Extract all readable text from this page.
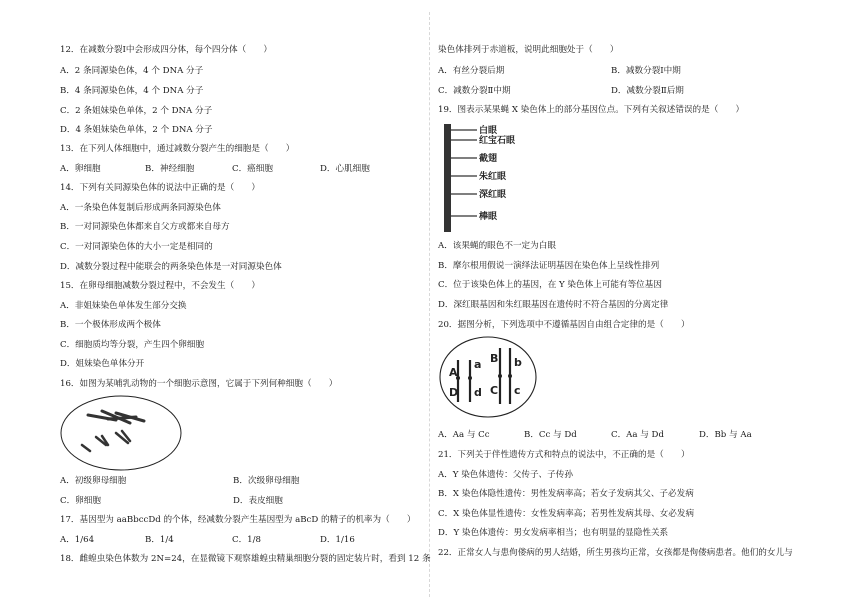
12．在减数分裂Ⅰ中会形成四分体，每个四分体（　　）
A．2 条同源染色体，4 个 DNA 分子
B．4 条同源染色体，4 个 DNA 分子
C．2 条姐妹染色单体，2 个 DNA 分子
D．4 条姐妹染色单体，2 个 DNA 分子
13．在下列人体细胞中，通过减数分裂产生的细胞是（　　）
A．卵细胞	B．神经细胞	C．癌细胞	D．心肌细胞
14．下列有关同源染色体的说法中正确的是（　　）
A．一条染色体复制后形成两条同源染色体
B．一对同源染色体都来自父方或都来自母方
C．一对同源染色体的大小一定是相同的
D．减数分裂过程中能联会的两条染色体是一对同源染色体
15．在卵母细胞减数分裂过程中，不会发生（　　）
A．非姐妹染色单体发生部分交换
B．一个极体形成两个极体
C．细胞质均等分裂，产生四个卵细胞
D．姐妹染色单体分开
16．如图为某哺乳动物的一个细胞示意图，它属于下列何种细胞（　　）
A．初级卵母细胞	B．次级卵母细胞
C．卵细胞	D．表皮细胞
17．基因型为 aaBbccDd 的个体，经减数分裂产生基因型为 aBcD 的精子的机率为（　　）
A．1/64	B．1/4	C．1/8	D．1/16
18．雌蝗虫染色体数为 2N=24，在显微镜下观察雄蝗虫精巢细胞分裂的固定装片时，看到 12 条
染色体排列于赤道板，说明此细胞处于（　　）
A．有丝分裂后期	B．减数分裂Ⅰ中期
C．减数分裂Ⅱ中期	D．减数分裂Ⅱ后期
19．图表示某果蝇 X 染色体上的部分基因位点。下列有关叙述错误的是（　　）
白眼
红宝石眼
截翅
朱红眼
深红眼
棒眼
A．该果蝇的眼色不一定为白眼
B．摩尔根用假说一演绎法证明基因在染色体上呈线性排列
C．位于该染色体上的基因，在 Y 染色体上可能有等位基因
D．深红眼基因和朱红眼基因在遗传时不符合基因的分离定律
20．据图分析，下列选项中不遵循基因自由组合定律的是（　　）
A
a
D d
B b
C c
A．Aa 与 Cc	B．Cc 与 Dd	C．Aa 与 Dd	D．Bb 与 Aa
21．下列关于伴性遗传方式和特点的说法中，不正确的是（　　）
A．Y 染色体遗传：父传子、子传孙
B．X 染色体隐性遗传：男性发病率高；若女子发病其父、子必发病
C．X 染色体显性遗传：女性发病率高；若男性发病其母、女必发病
D．Y 染色体遗传：男女发病率相当；也有明显的显隐性关系
22．正常女人与患佝偻病的男人结婚，所生男孩均正常，女孩都是佝偻病患者。他们的女儿与
